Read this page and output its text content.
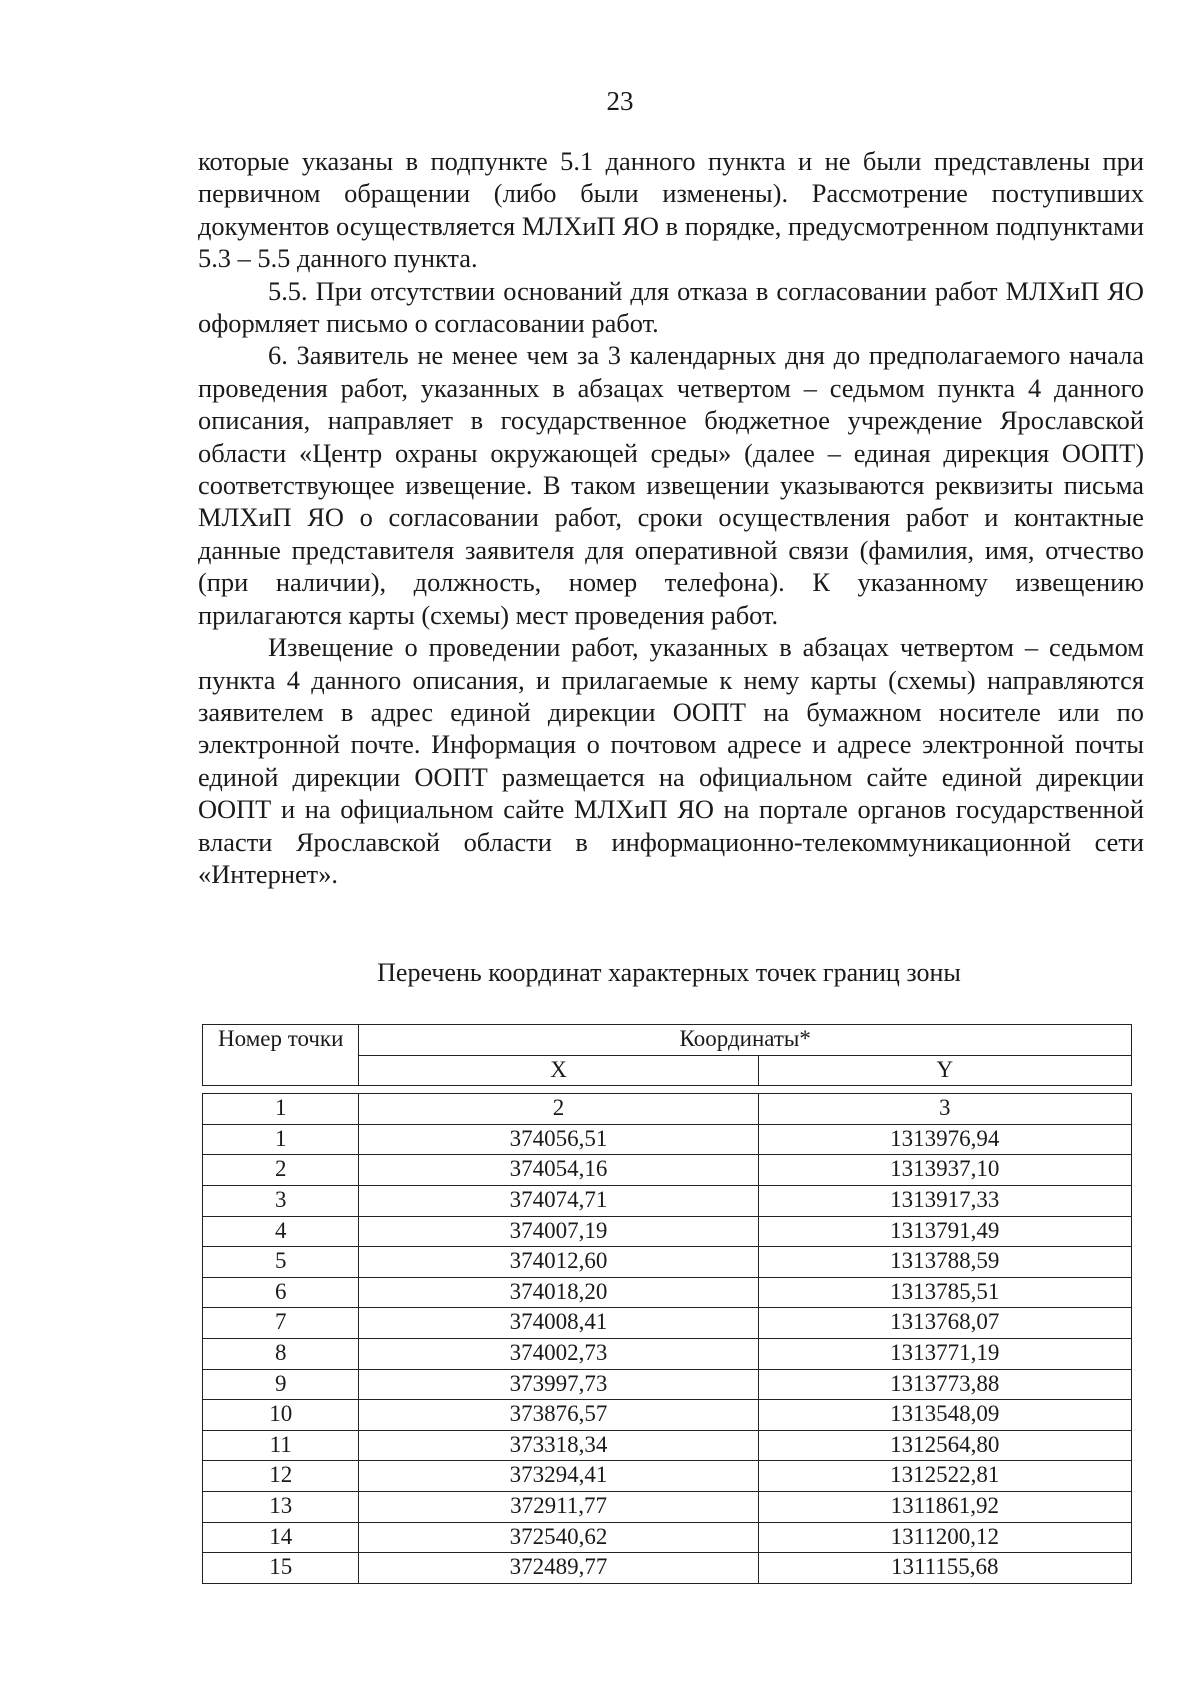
23

которые указаны в подпункте 5.1 данного пункта и не были представлены при первичном обращении (либо были изменены). Рассмотрение поступивших документов осуществляется МЛХиП ЯО в порядке, предусмотренном подпунктами 5.3 – 5.5 данного пункта.

5.5. При отсутствии оснований для отказа в согласовании работ МЛХиП ЯО оформляет письмо о согласовании работ.

6. Заявитель не менее чем за 3 календарных дня до предполагаемого начала проведения работ, указанных в абзацах четвертом – седьмом пункта 4 данного описания, направляет в государственное бюджетное учреждение Ярославской области «Центр охраны окружающей среды» (далее – единая дирекция ООПТ) соответствующее извещение. В таком извещении указываются реквизиты письма МЛХиП ЯО о согласовании работ, сроки осуществления работ и контактные данные представителя заявителя для оперативной связи (фамилия, имя, отчество (при наличии), должность, номер телефона). К указанному извещению прилагаются карты (схемы) мест проведения работ.

Извещение о проведении работ, указанных в абзацах четвертом – седьмом пункта 4 данного описания, и прилагаемые к нему карты (схемы) направляются заявителем в адрес единой дирекции ООПТ на бумажном носителе или по электронной почте. Информация о почтовом адресе и адресе электронной почты единой дирекции ООПТ размещается на официальном сайте единой дирекции ООПТ и на официальном сайте МЛХиП ЯО на портале органов государственной власти Ярославской области в информационно-телекоммуникационной сети «Интернет».

Перечень координат характерных точек границ зоны
Номер точки	Координаты*	
	X	Y

1	2	3
1	374056,51	1313976,94
2	374054,16	1313937,10
3	374074,71	1313917,33
4	374007,19	1313791,49
5	374012,60	1313788,59
6	374018,20	1313785,51
7	374008,41	1313768,07
8	374002,73	1313771,19
9	373997,73	1313773,88
10	373876,57	1313548,09
11	373318,34	1312564,80
12	373294,41	1312522,81
13	372911,77	1311861,92
14	372540,62	1311200,12
15	372489,77	1311155,68
